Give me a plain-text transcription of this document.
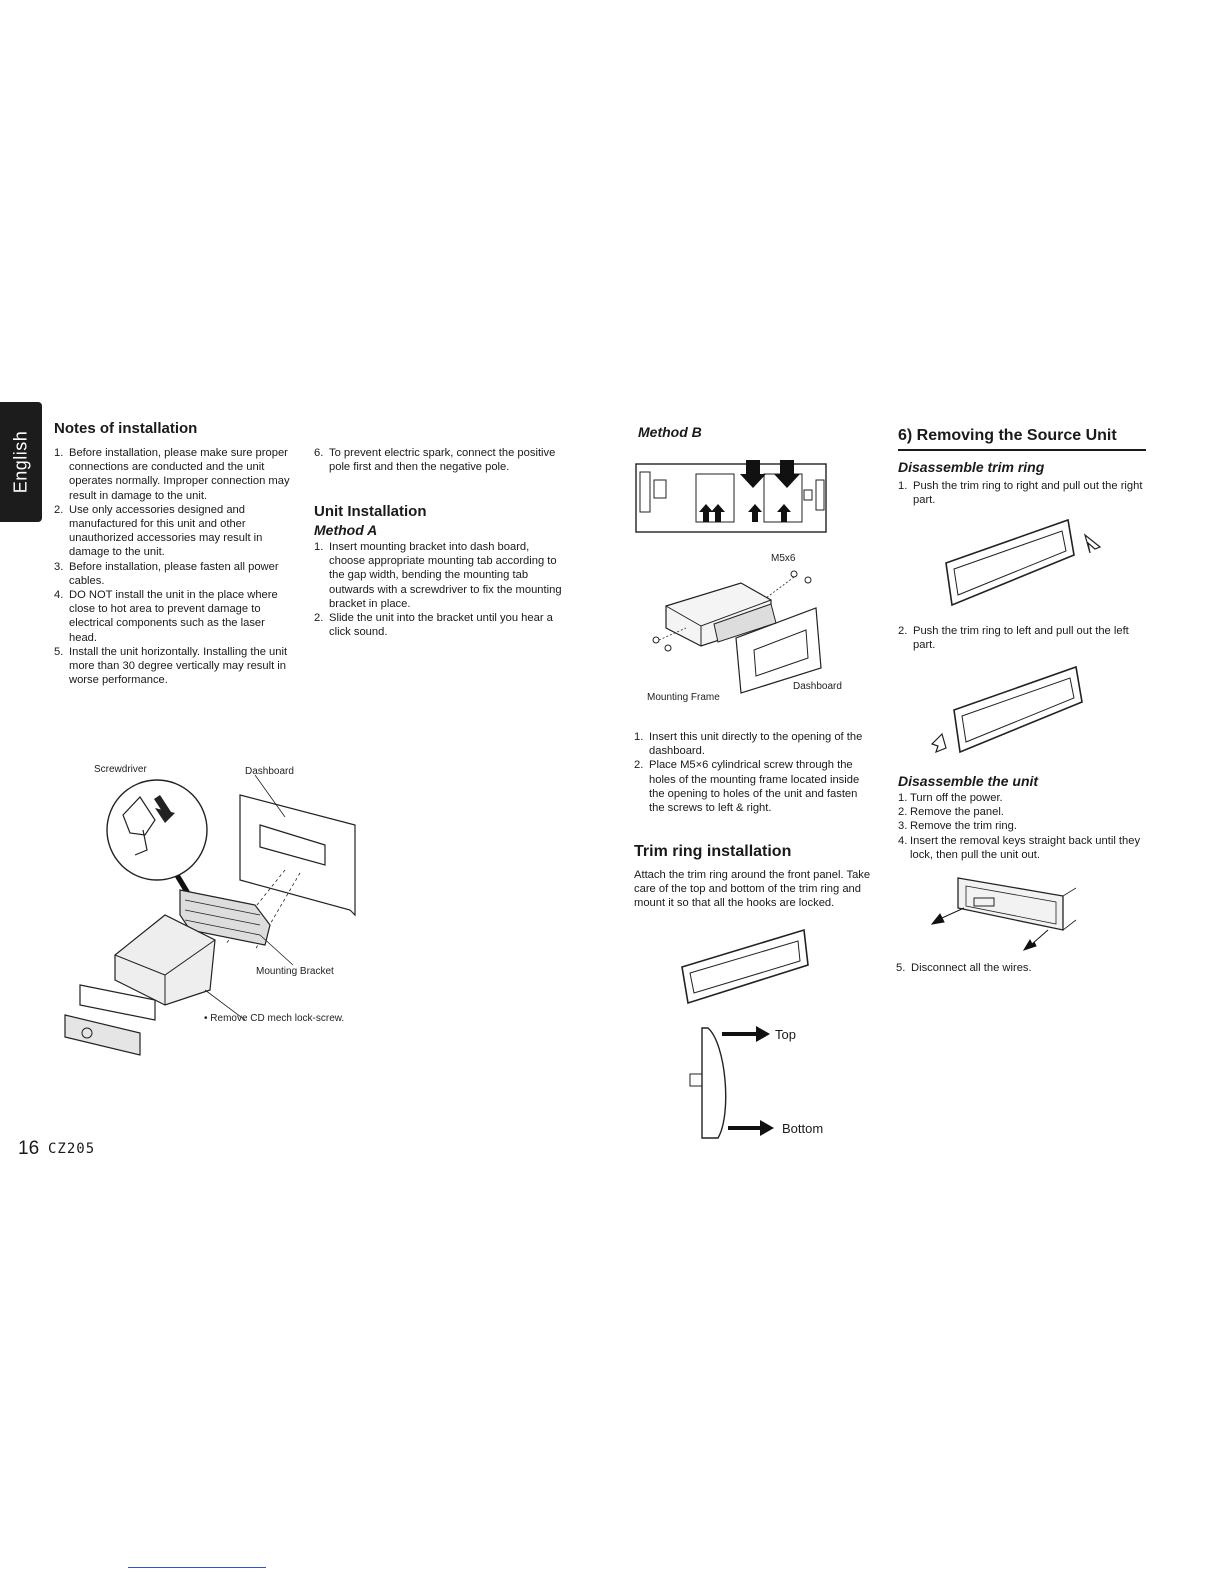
English
Notes of installation
1. Before installation, please make sure proper connections are conducted and the unit operates normally. Improper connection may result in damage to the unit.
2. Use only accessories designed and manufactured for this unit and other unauthorized accessories may result in damage to the unit.
3. Before installation, please fasten all power cables.
4. DO NOT install the unit in the place where close to hot area to prevent damage to electrical components such as the laser head.
5. Install the unit horizontally. Installing the unit more than 30 degree vertically may result in worse performance.
6. To prevent electric spark, connect the positive pole first and then the negative pole.
Unit Installation
Method A
1. Insert mounting bracket into dash board, choose appropriate mounting tab according to the gap width, bending the mounting tab outwards with a screwdriver to fix the mounting bracket in place.
2. Slide the unit into the bracket until you hear a click sound.
Screwdriver	Dashboard
Mounting Bracket
• Remove CD mech lock-screw.
Method B
M5x6
Dashboard
Mounting Frame
1. Insert this unit directly to the opening of the dashboard.
2. Place M5×6 cylindrical screw through the holes of the mounting frame located inside the opening to holes of the unit and fasten the screws to left & right.
Trim ring installation

Attach the trim ring around the front panel. Take care of the top and bottom of the trim ring and mount it so that all the hooks are locked.

Top
Bottom
6) Removing the Source Unit
Disassemble trim ring
1. Push the trim ring to right and pull out the right part.
2. Push the trim ring to left and pull out the left part.
Disassemble the unit
1. Turn off the power.
2. Remove the panel.
3. Remove the trim ring.
4. Insert the removal keys straight back until they lock, then pull the unit out.
5. Disconnect all the wires.
16 CZ205
